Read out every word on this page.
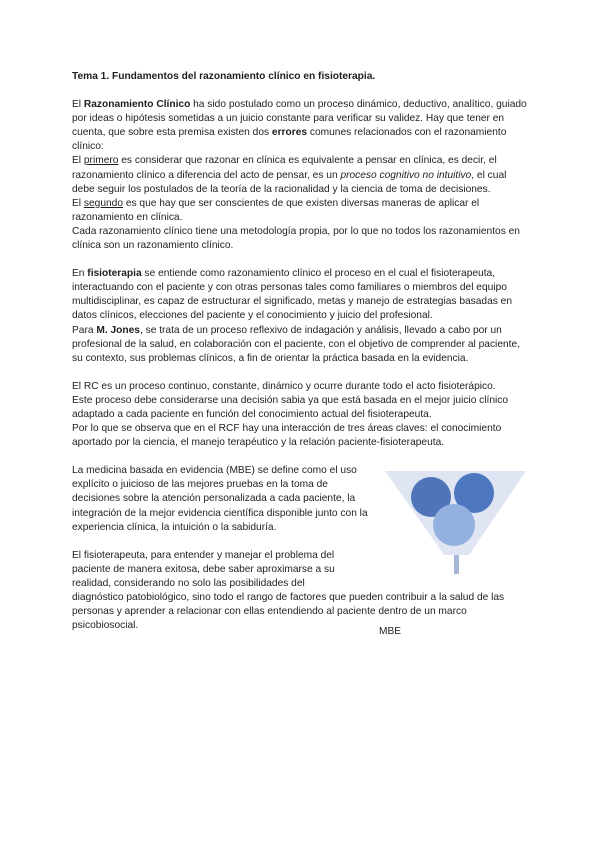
Tema 1. Fundamentos del razonamiento clínico en fisioterapia.

El Razonamiento Clínico ha sido postulado como un proceso dinámico, deductivo, analítico, guiado por ideas o hipótesis sometidas a un juicio constante para verificar su validez. Hay que tener en cuenta, que sobre esta premisa existen dos errores comunes relacionados con el razonamiento clínico:

El primero es considerar que razonar en clínica es equivalente a pensar en clínica, es decir, el razonamiento clínico a diferencia del acto de pensar, es un proceso cognitivo no intuitivo, el cual debe seguir los postulados de la teoría de la racionalidad y la ciencia de toma de decisiones.

El segundo es que hay que ser conscientes de que existen diversas maneras de aplicar el razonamiento en clínica.

Cada razonamiento clínico tiene una metodología propia, por lo que no todos los razonamientos en clínica son un razonamiento clínico.

En fisioterapia se entiende como razonamiento clínico el proceso en el cual el fisioterapeuta, interactuando con el paciente y con otras personas tales como familiares o miembros del equipo multidisciplinar, es capaz de estructurar el significado, metas y manejo de estrategias basadas en datos clínicos, elecciones del paciente y el conocimiento y juicio del profesional.

Para M. Jones, se trata de un proceso reflexivo de indagación y análisis, llevado a cabo por un profesional de la salud, en colaboración con el paciente, con el objetivo de comprender al paciente, su contexto, sus problemas clínicos, a fin de orientar la práctica basada en la evidencia.

El RC es un proceso continuo, constante, dinámico y ocurre durante todo el acto fisioterápico.

Este proceso debe considerarse una decisión sabia ya que está basada en el mejor juicio clínico adaptado a cada paciente en función del conocimiento actual del fisioterapeuta.

Por lo que se observa que en el RCF hay una interacción de tres áreas claves: el conocimiento aportado por la ciencia, el manejo terapéutico y la relación paciente-fisioterapeuta.

La medicina basada en evidencia (MBE) se define como el uso explícito o juicioso de las mejores pruebas en la toma de decisiones sobre la atención personalizada a cada paciente, la integración de la mejor evidencia científica disponible junto con la experiencia clínica, la intuición o la sabiduría.

El fisioterapeuta, para entender y manejar el problema del paciente de manera exitosa, debe saber aproximarse a su realidad, considerando no solo las posibilidades del

diagnóstico patobiológico, sino todo el rango de factores que pueden contribuir a la salud de las personas y aprender a relacionar con ellas entendiendo al paciente dentro de un marco psicobiosocial.

MBE
